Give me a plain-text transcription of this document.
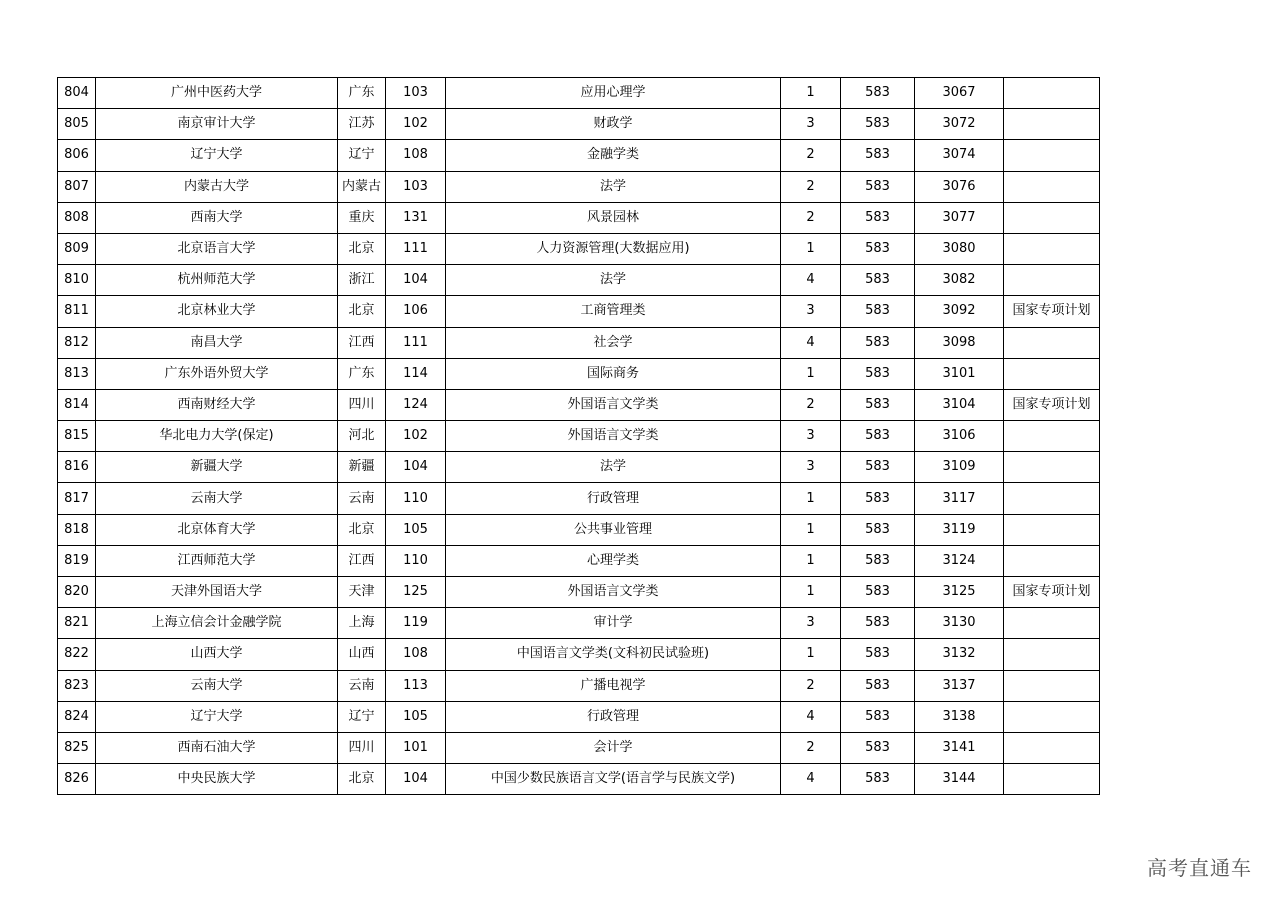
804	广州中医药大学	广东	103	应用心理学	1	583	3067	
805	南京审计大学	江苏	102	财政学	3	583	3072	
806	辽宁大学	辽宁	108	金融学类	2	583	3074	
807	内蒙古大学	内蒙古	103	法学	2	583	3076	
808	西南大学	重庆	131	风景园林	2	583	3077	
809	北京语言大学	北京	111	人力资源管理(大数据应用)	1	583	3080	
810	杭州师范大学	浙江	104	法学	4	583	3082	
811	北京林业大学	北京	106	工商管理类	3	583	3092	国家专项计划
812	南昌大学	江西	111	社会学	4	583	3098	
813	广东外语外贸大学	广东	114	国际商务	1	583	3101	
814	西南财经大学	四川	124	外国语言文学类	2	583	3104	国家专项计划
815	华北电力大学(保定)	河北	102	外国语言文学类	3	583	3106	
816	新疆大学	新疆	104	法学	3	583	3109	
817	云南大学	云南	110	行政管理	1	583	3117	
818	北京体育大学	北京	105	公共事业管理	1	583	3119	
819	江西师范大学	江西	110	心理学类	1	583	3124	
820	天津外国语大学	天津	125	外国语言文学类	1	583	3125	国家专项计划
821	上海立信会计金融学院	上海	119	审计学	3	583	3130	
822	山西大学	山西	108	中国语言文学类(文科初民试验班)	1	583	3132	
823	云南大学	云南	113	广播电视学	2	583	3137	
824	辽宁大学	辽宁	105	行政管理	4	583	3138	
825	西南石油大学	四川	101	会计学	2	583	3141	
826	中央民族大学	北京	104	中国少数民族语言文学(语言学与民族文学)	4	583	3144	
高考直通车
